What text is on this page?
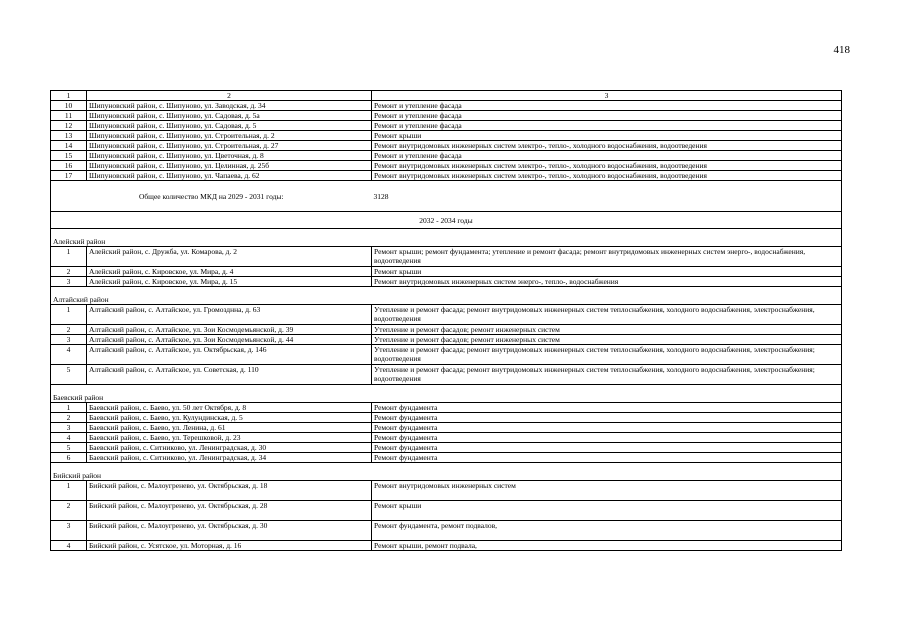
418
1	2	3
10	Шипуновский район, с. Шипуново, ул. Заводская, д. 34	Ремонт и утепление фасада
11	Шипуновский район, с. Шипуново, ул. Садовая, д. 5а	Ремонт и утепление фасада
12	Шипуновский район, с. Шипуново, ул. Садовая, д. 5	Ремонт и утепление фасада
13	Шипуновский район, с. Шипуново, ул. Строительная, д. 2	Ремонт крыши
14	Шипуновский район, с. Шипуново, ул. Строительная, д. 27	Ремонт внутридомовых инженерных систем электро-, тепло-, холодного водоснабжения, водоотведения
15	Шипуновский район, с. Шипуново, ул. Цветочная, д. 8	Ремонт и утепление фасада
16	Шипуновский район, с. Шипуново, ул. Целинная, д. 25б	Ремонт внутридомовых инженерных систем электро-, тепло-, холодного водоснабжения, водоотведения
17	Шипуновский район, с. Шипуново, ул. Чапаева, д. 62	Ремонт внутридомовых инженерных систем электро-, тепло-, холодного водоснабжения, водоотведения
Общее количество МКД на 2029 - 2031 годы:		3128
2032 - 2034 годы		
Алейский район		
1	Алейский район, с. Дружба, ул. Комарова, д. 2	Ремонт крыши; ремонт фундамента; утепление и ремонт фасада; ремонт внутридомовых инженерных систем энерго-, водоснабжения, водоотведения
2	Алейский район, с. Кировское, ул. Мира, д. 4	Ремонт крыши
3	Алейский район, с. Кировское, ул. Мира, д. 15	Ремонт внутридомовых инженерных систем энерго-, тепло-, водоснабжения
Алтайский район		
1	Алтайский район, с. Алтайское, ул. Громозднна, д. 63	Утепление и ремонт фасада; ремонт внутридомовых инженерных систем теплоснабжения, холодного водоснабжения, электроснабжения, водоотведения
2	Алтайский район, с. Алтайское, ул. Зои Космодемьянской, д. 39	Утепление и ремонт фасадов; ремонт инженерных систем
3	Алтайский район, с. Алтайское, ул. Зои Космодемьянской, д. 44	Утепление и ремонт фасадов; ремонт инженерных систем
4	Алтайский район, с. Алтайское, ул. Октябрьская, д. 146	Утепление и ремонт фасада; ремонт внутридомовых инженерных систем теплоснабжения, холодного водоснабжения, электроснабжения; водоотведения
5	Алтайский район, с. Алтайское, ул. Советская, д. 110	Утепление и ремонт фасада; ремонт внутридомовых инженерных систем теплоснабжения, холодного водоснабжения, электроснабжения; водоотведения
Баевский район		
1	Баевский район, с. Баево, ул. 50 лет Октября, д. 8	Ремонт фундамента
2	Баевский район, с. Баево, ул. Кулундинская, д. 5	Ремонт фундамента
3	Баевский район, с. Баево, ул. Ленина, д. 61	Ремонт фундамента
4	Баевский район, с. Баево, ул. Терешковой, д. 23	Ремонт фундамента
5	Баевский район, с. Ситниково, ул. Ленинградская, д. 30	Ремонт фундамента
6	Баевский район, с. Ситниково, ул. Ленинградская, д. 34	Ремонт фундамента
Бийский район		
1	Бийский район, с. Малоугренево, ул. Октябрьская, д. 18	Ремонт внутридомовых инженерных систем
2	Бийский район, с. Малоугренево, ул. Октябрьская, д. 28	Ремонт крыши
3	Бийский район, с. Малоугренево, ул. Октябрьская, д. 30	Ремонт фундамента, ремонт подвалов,
4	Бийский район, с. Усятское, ул. Моторная, д. 16	Ремонт крыши, ремонт подвала,
